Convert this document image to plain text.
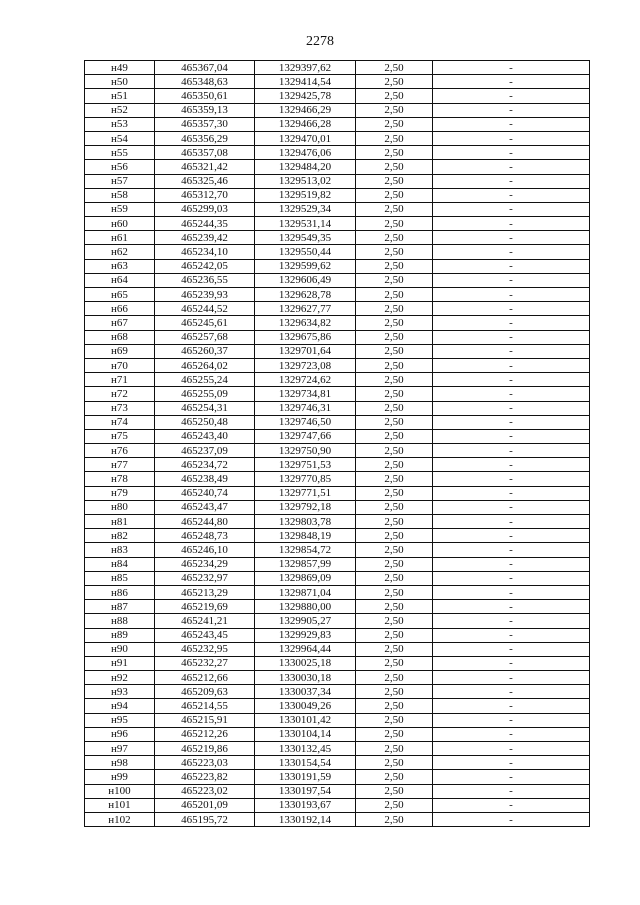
2278
н49	465367,04	1329397,62	2,50	-
н50	465348,63	1329414,54	2,50	-
н51	465350,61	1329425,78	2,50	-
н52	465359,13	1329466,29	2,50	-
н53	465357,30	1329466,28	2,50	-
н54	465356,29	1329470,01	2,50	-
н55	465357,08	1329476,06	2,50	-
н56	465321,42	1329484,20	2,50	-
н57	465325,46	1329513,02	2,50	-
н58	465312,70	1329519,82	2,50	-
н59	465299,03	1329529,34	2,50	-
н60	465244,35	1329531,14	2,50	-
н61	465239,42	1329549,35	2,50	-
н62	465234,10	1329550,44	2,50	-
н63	465242,05	1329599,62	2,50	-
н64	465236,55	1329606,49	2,50	-
н65	465239,93	1329628,78	2,50	-
н66	465244,52	1329627,77	2,50	-
н67	465245,61	1329634,82	2,50	-
н68	465257,68	1329675,86	2,50	-
н69	465260,37	1329701,64	2,50	-
н70	465264,02	1329723,08	2,50	-
н71	465255,24	1329724,62	2,50	-
н72	465255,09	1329734,81	2,50	-
н73	465254,31	1329746,31	2,50	-
н74	465250,48	1329746,50	2,50	-
н75	465243,40	1329747,66	2,50	-
н76	465237,09	1329750,90	2,50	-
н77	465234,72	1329751,53	2,50	-
н78	465238,49	1329770,85	2,50	-
н79	465240,74	1329771,51	2,50	-
н80	465243,47	1329792,18	2,50	-
н81	465244,80	1329803,78	2,50	-
н82	465248,73	1329848,19	2,50	-
н83	465246,10	1329854,72	2,50	-
н84	465234,29	1329857,99	2,50	-
н85	465232,97	1329869,09	2,50	-
н86	465213,29	1329871,04	2,50	-
н87	465219,69	1329880,00	2,50	-
н88	465241,21	1329905,27	2,50	-
н89	465243,45	1329929,83	2,50	-
н90	465232,95	1329964,44	2,50	-
н91	465232,27	1330025,18	2,50	-
н92	465212,66	1330030,18	2,50	-
н93	465209,63	1330037,34	2,50	-
н94	465214,55	1330049,26	2,50	-
н95	465215,91	1330101,42	2,50	-
н96	465212,26	1330104,14	2,50	-
н97	465219,86	1330132,45	2,50	-
н98	465223,03	1330154,54	2,50	-
н99	465223,82	1330191,59	2,50	-
н100	465223,02	1330197,54	2,50	-
н101	465201,09	1330193,67	2,50	-
н102	465195,72	1330192,14	2,50	-
